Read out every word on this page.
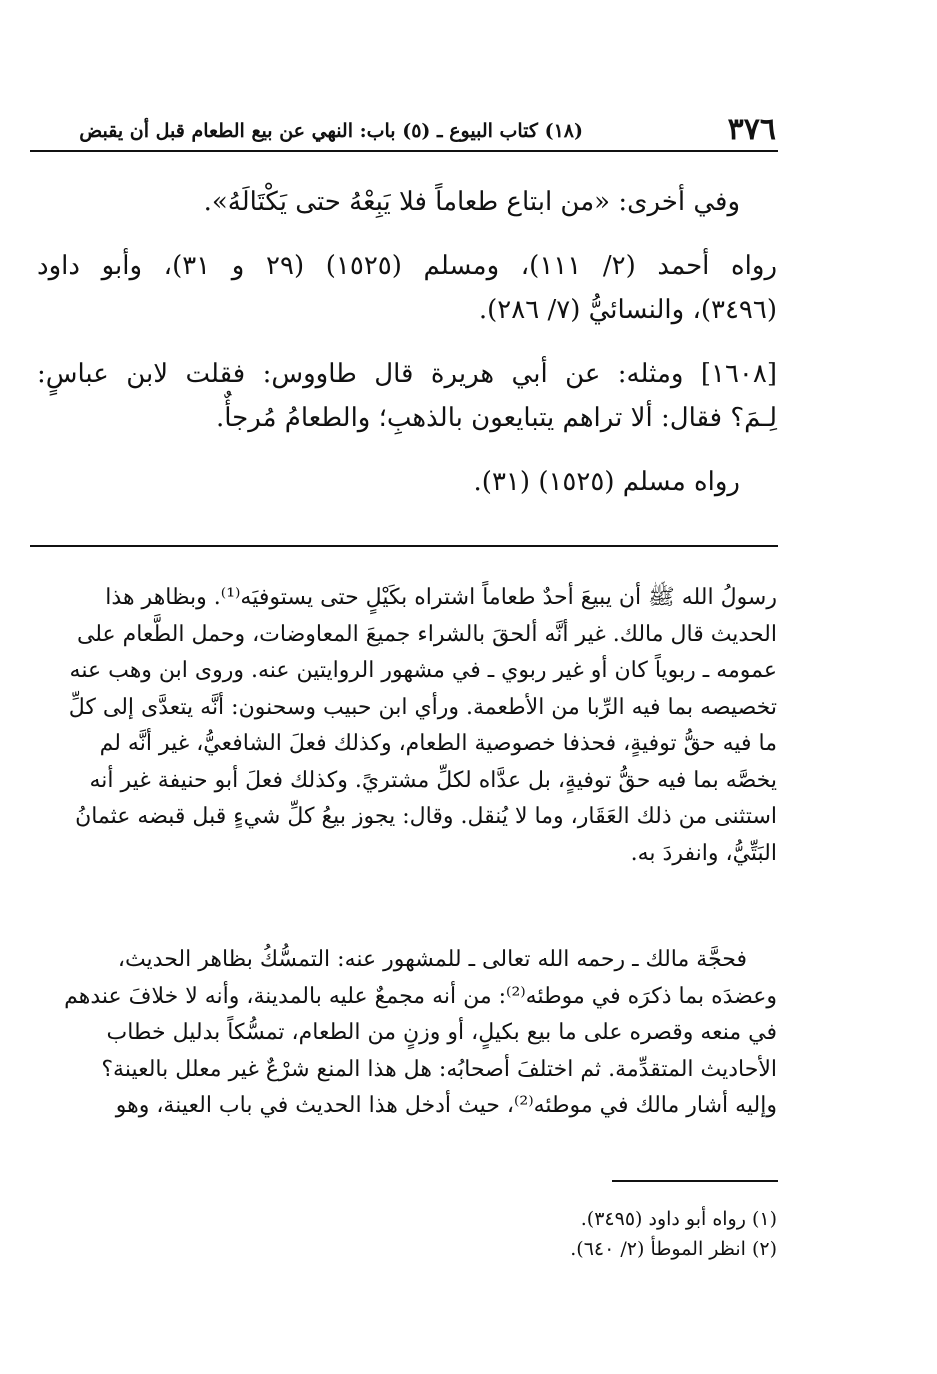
٣٧٦
(١٨) كتاب البيوع ـ (٥) باب: النهي عن بيع الطعام قبل أن يقبض
وفي أخرى: «من ابتاع طعاماً فلا يَبِعْهُ حتى يَكْتَالَهُ».
رواه أحمد (٢/ ١١١)، ومسلم (١٥٢٥) (٢٩ و ٣١)، وأبو داود
(٣٤٩٦)، والنسائيُّ (٧/ ٢٨٦).
[١٦٠٨] ومثله: عن أبي هريرة قال طاووس: فقلت لابن عباسٍ:
لِـمَ؟ فقال: ألا تراهم يتبايعون بالذهبِ؛ والطعامُ مُرجأٌ.
رواه مسلم (١٥٢٥) (٣١).
رسولُ الله ﷺ أن يبيعَ أحدٌ طعاماً اشتراه بكَيْلٍ حتى يستوفيَه⁽¹⁾. وبظاهر هذا
الحديث قال مالك. غير أنَّه ألحقَ بالشراء جميعَ المعاوضات، وحمل الطَّعام على
عمومه ـ ربوياً كان أو غير ربوي ـ في مشهور الروايتين عنه. وروى ابن وهب عنه
تخصيصه بما فيه الرِّبا من الأطعمة. ورأي ابن حبيب وسحنون: أنَّه يتعدَّى إلى كلِّ
ما فيه حقُّ توفيةٍ، فحذفا خصوصية الطعام، وكذلك فعلَ الشافعيُّ، غير أنَّه لم
يخصَّه بما فيه حقُّ توفيةٍ، بل عدَّاه لكلِّ مشتريً. وكذلك فعلَ أبو حنيفة غير أنه
استثنى من ذلك العَقَار، وما لا يُنقل. وقال: يجوز بيعُ كلِّ شيءٍ قبل قبضه عثمانُ
البَتِّيُّ، وانفردَ به.
فحجَّة مالك ـ رحمه الله تعالى ـ للمشهور عنه: التمسُّكُ بظاهر الحديث،
وعضدَه بما ذكرَه في موطئه⁽²⁾: من أنه مجمعٌ عليه بالمدينة، وأنه لا خلافَ عندهم
في منعه وقصره على ما بيع بكيلٍ، أو وزنٍ من الطعام، تمسُّكاً بدليل خطاب
الأحاديث المتقدِّمة. ثم اختلفَ أصحابُه: هل هذا المنع شرْعٌ غير معلل بالعينة؟
وإليه أشار مالك في موطئه⁽²⁾، حيث أدخل هذا الحديث في باب العينة، وهو
(١) رواه أبو داود (٣٤٩٥).
(٢) انظر الموطأ (٢/ ٦٤٠).
